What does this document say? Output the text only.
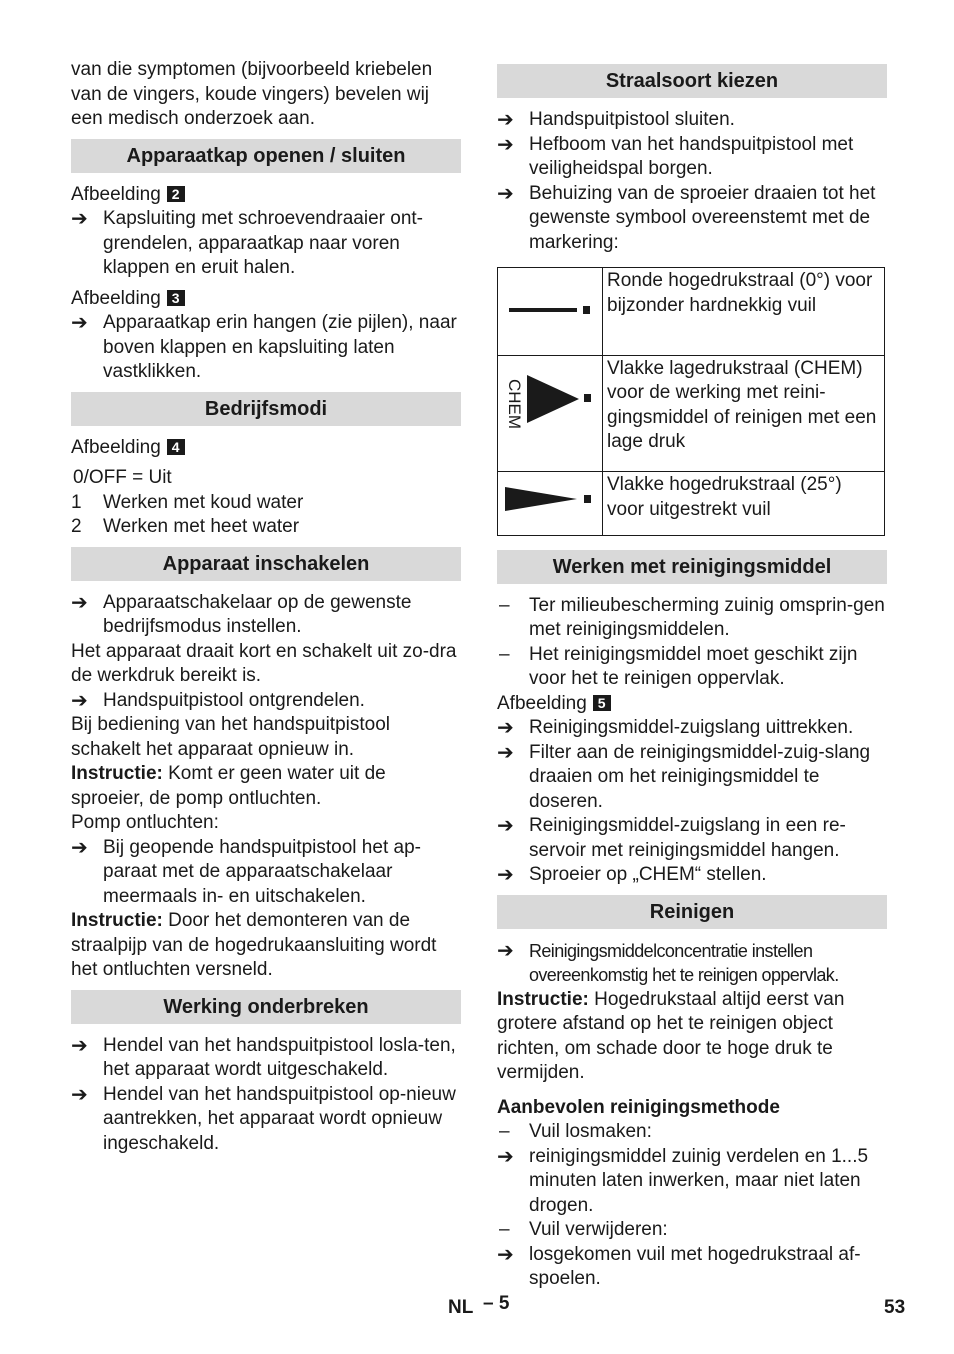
van die symptomen (bijvoorbeeld kriebelen van de vingers, koude vingers) bevelen wij een medisch onderzoek aan.

Apparaatkap openen / sluiten

Afbeelding 2

➔ Kapsluiting met schroevendraaier ont-grendelen, apparaatkap naar voren klappen en eruit halen.

Afbeelding 3

➔ Apparaatkap erin hangen (zie pijlen), naar boven klappen en kapsluiting laten vastklikken.
Bedrijfsmodi

Afbeelding 4

0/OFF = Uit

1	Werken met koud water
2	Werken met heet water
Apparaat inschakelen
➔ Apparaatschakelaar op de gewenste bedrijfsmodus instellen.

Het apparaat draait kort en schakelt uit zo-dra de werkdruk bereikt is.

➔ Handspuitpistool ontgrendelen.

Bij bediening van het handspuitpistool schakelt het apparaat opnieuw in.

Instructie: Komt er geen water uit de sproeier, de pomp ontluchten.

Pomp ontluchten:

➔ Bij geopende handspuitpistool het ap-paraat met de apparaatschakelaar meermaals in- en uitschakelen.

Instructie: Door het demonteren van de straalpijp van de hogedrukaansluiting wordt het ontluchten versneld.

Werking onderbreken
➔ Hendel van het handspuitpistool losla-ten, het apparaat wordt uitgeschakeld.
➔ Hendel van het handspuitpistool op-nieuw aantrekken, het apparaat wordt opnieuw ingeschakeld.
Straalsoort kiezen
➔ Handspuitpistool sluiten.
➔ Hefboom van het handspuitpistool met veiligheidspal borgen.
➔ Behuizing van de sproeier draaien tot het gewenste symbool overeenstemt met de markering:
	Ronde hogedrukstraal (0°) voor bijzonder hardnekkig vuil

CHEM	Vlakke lagedrukstraal (CHEM) voor de werking met reini-gingsmiddel of reinigen met een lage druk
	Vlakke hogedrukstraal (25°) voor uitgestrekt vuil
Werken met reinigingsmiddel
–	Ter milieubescherming zuinig omsprin-gen met reinigingsmiddelen.
–	Het reinigingsmiddel moet geschikt zijn voor het te reinigen oppervlak.

Afbeelding 5

➔ Reinigingsmiddel-zuigslang uittrekken.
➔ Filter aan de reinigingsmiddel-zuig-slang draaien om het reinigingsmiddel te doseren.
➔ Reinigingsmiddel-zuigslang in een re-servoir met reinigingsmiddel hangen.
➔ Sproeier op „CHEM“ stellen.
Reinigen
➔ Reinigingsmiddelconcentratie instellen overeenkomstig het te reinigen oppervlak.

Instructie: Hogedrukstaal altijd eerst van grotere afstand op het te reinigen object richten, om schade door te hoge druk te vermijden.

Aanbevolen reinigingsmethode

–	Vuil losmaken:
➔ reinigingsmiddel zuinig verdelen en 1...5 minuten laten inwerken, maar niet laten drogen.
–	Vuil verwijderen:
➔ losgekomen vuil met hogedrukstraal af-spoelen.
NL – 5	53
